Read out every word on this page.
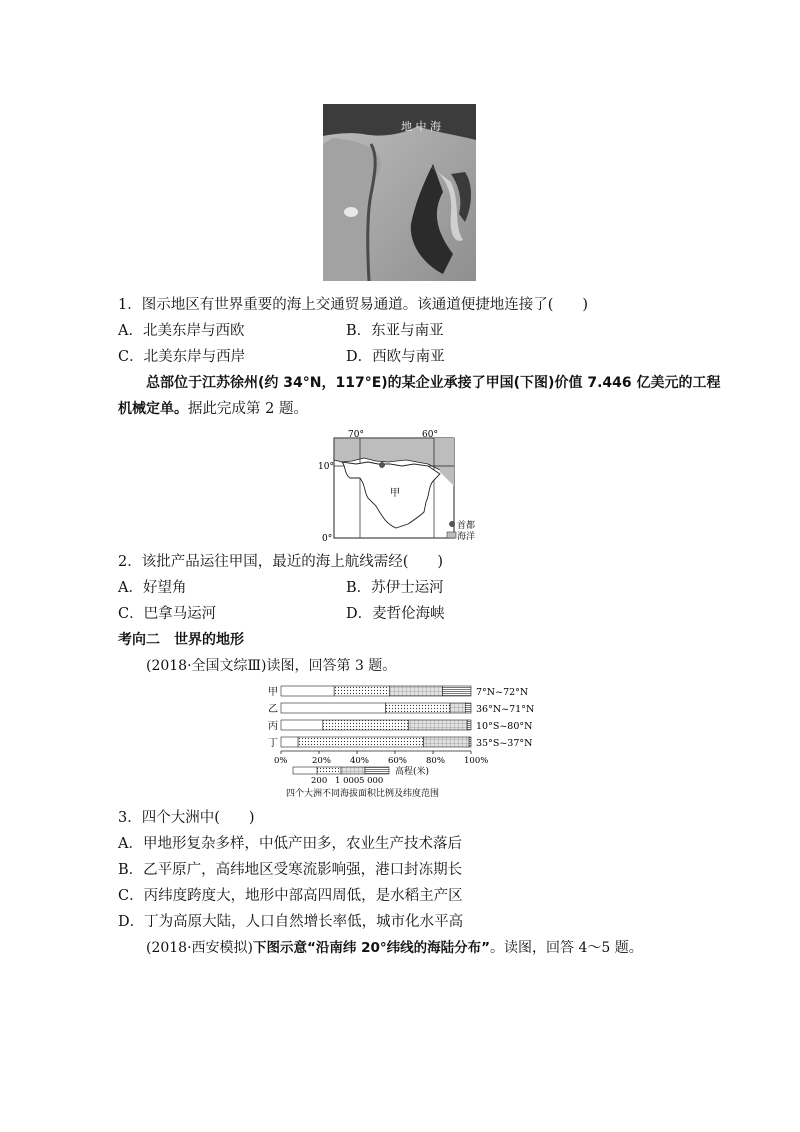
地 中 海
1．图示地区有世界重要的海上交通贸易通道。该通道便捷地连接了(　　)
A．北美东岸与西欧	B．东亚与南亚
C．北美东岸与西岸	D．西欧与南亚
总部位于江苏徐州(约 34°N，117°E)的某企业承接了甲国(下图)价值 7.446 亿美元的工程
机械定单。据此完成第 2 题。
70°	60°
10°
0°
甲
首都
海洋
2．该批产品运往甲国，最近的海上航线需经(　　)
A．好望角	B．苏伊士运河
C．巴拿马运河	D．麦哲伦海峡
考向二　世界的地形
(2018·全国文综Ⅲ)读图，回答第 3 题。
甲	7°N~72°N
乙	36°N~71°N
丙	10°S~80°N
丁	35°S~37°N
0%	20% 40% 60% 80% 100%
200 1 000 5 000
高程(米)
四个大洲不同海拔面积比例及纬度范围
3．四个大洲中(　　)
A．甲地形复杂多样，中低产田多，农业生产技术落后
B．乙平原广，高纬地区受寒流影响强，港口封冻期长
C．丙纬度跨度大，地形中部高四周低，是水稻主产区
D．丁为高原大陆，人口自然增长率低，城市化水平高
(2018·西安模拟)下图示意“沿南纬 20°纬线的海陆分布”。读图，回答 4～5 题。
